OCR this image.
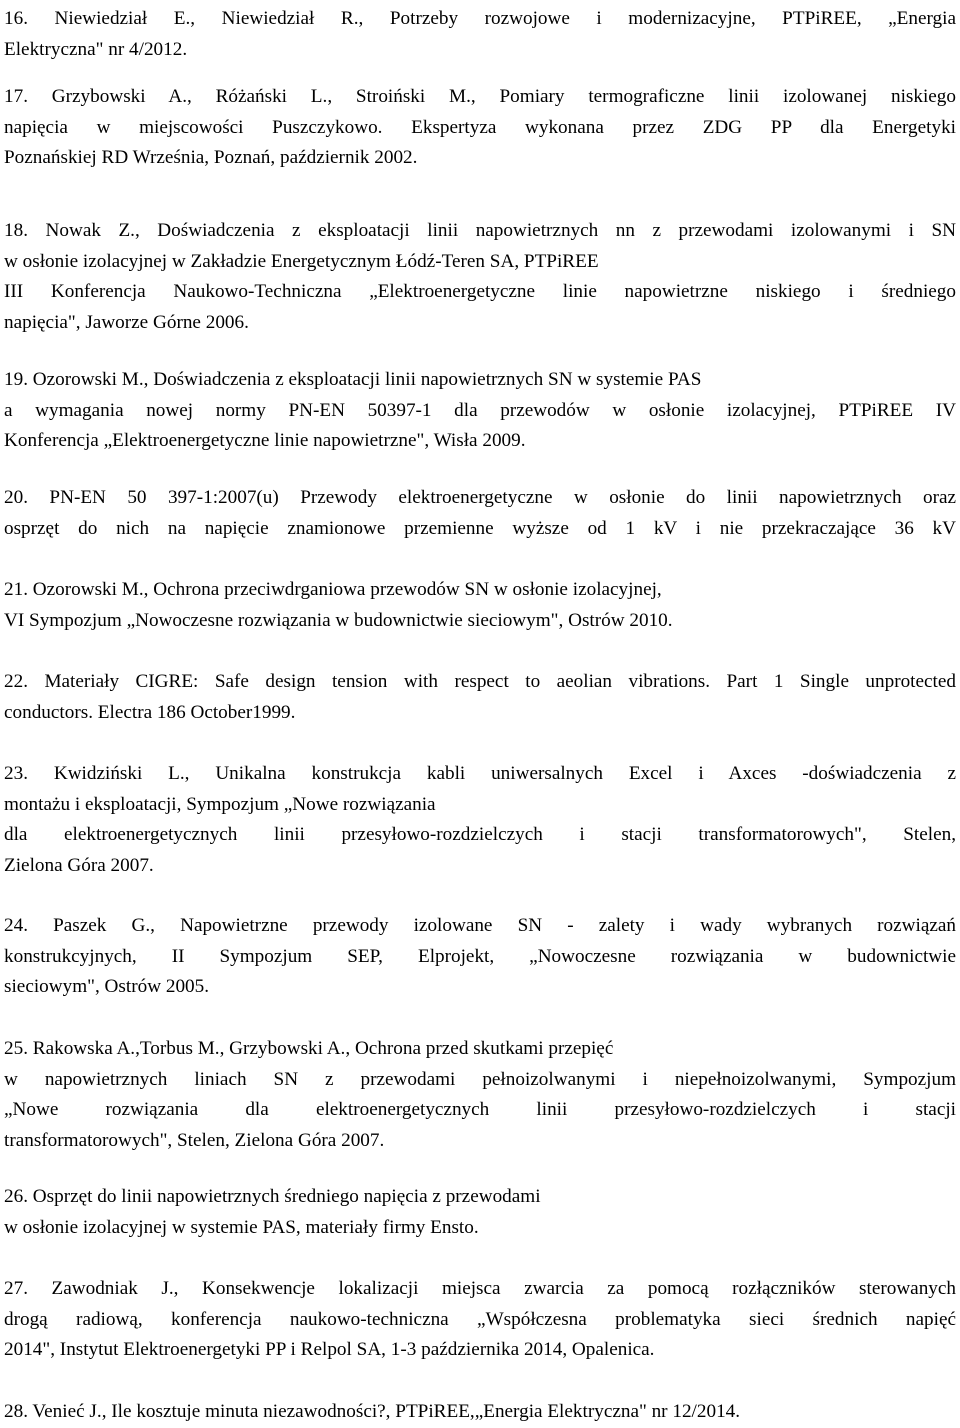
16. Niewiedział E., Niewiedział R., Potrzeby rozwojowe i modernizacyjne, PTPiREE, „Energia
Elektryczna" nr 4/2012.
17. Grzybowski A., Różański L., Stroiński M., Pomiary termograficzne linii izolowanej niskiego
napięcia w miejscowości Puszczykowo. Ekspertyza wykonana przez ZDG PP dla Energetyki
Poznańskiej RD Września, Poznań, październik 2002.
18. Nowak Z., Doświadczenia z eksploatacji linii napowietrznych nn z przewodami izolowanymi i SN
w osłonie izolacyjnej w Zakładzie Energetycznym Łódź-Teren SA, PTPiREE
III Konferencja Naukowo-Techniczna „Elektroenergetyczne linie napowietrzne niskiego i średniego
napięcia", Jaworze Górne 2006.
19. Ozorowski M., Doświadczenia z eksploatacji linii napowietrznych SN w systemie PAS
a wymagania nowej normy PN-EN 50397-1 dla przewodów w osłonie izolacyjnej, PTPiREE IV
Konferencja „Elektroenergetyczne linie napowietrzne", Wisła 2009.
20. PN-EN 50 397-1:2007(u) Przewody elektroenergetyczne w osłonie do linii napowietrznych oraz
osprzęt do nich na napięcie znamionowe przemienne wyższe od 1 kV i nie przekraczające 36 kV
21. Ozorowski M., Ochrona przeciwdrganiowa przewodów SN w osłonie izolacyjnej,
VI Sympozjum „Nowoczesne rozwiązania w budownictwie sieciowym", Ostrów 2010.
22. Materiały CIGRE: Safe design tension with respect to aeolian vibrations. Part 1 Single unprotected
conductors. Electra 186 October1999.
23. Kwidziński L., Unikalna konstrukcja kabli uniwersalnych Excel i Axces -doświadczenia z
montażu i eksploatacji, Sympozjum „Nowe rozwiązania
dla elektroenergetycznych linii przesyłowo-rozdzielczych i stacji transformatorowych", Stelen,
Zielona Góra 2007.
24. Paszek G., Napowietrzne przewody izolowane SN - zalety i wady wybranych rozwiązań
konstrukcyjnych, II Sympozjum SEP, Elprojekt, „Nowoczesne rozwiązania w budownictwie
sieciowym", Ostrów 2005.
25. Rakowska A.,Torbus M., Grzybowski A., Ochrona przed skutkami przepięć
w napowietrznych liniach SN z przewodami pełnoizolwanymi i niepełnoizolwanymi, Sympozjum
„Nowe rozwiązania dla elektroenergetycznych linii przesyłowo-rozdzielczych i stacji
transformatorowych", Stelen, Zielona Góra 2007.
26. Osprzęt do linii napowietrznych średniego napięcia z przewodami
w osłonie izolacyjnej w systemie PAS, materiały firmy Ensto.
27. Zawodniak J., Konsekwencje lokalizacji miejsca zwarcia za pomocą rozłączników sterowanych
drogą radiową, konferencja naukowo-techniczna „Współczesna problematyka sieci średnich napięć
2014", Instytut Elektroenergetyki PP i Relpol SA, 1-3 października 2014, Opalenica.
28. Venieć J., Ile kosztuje minuta niezawodności?, PTPiREE,„Energia Elektryczna" nr 12/2014.
